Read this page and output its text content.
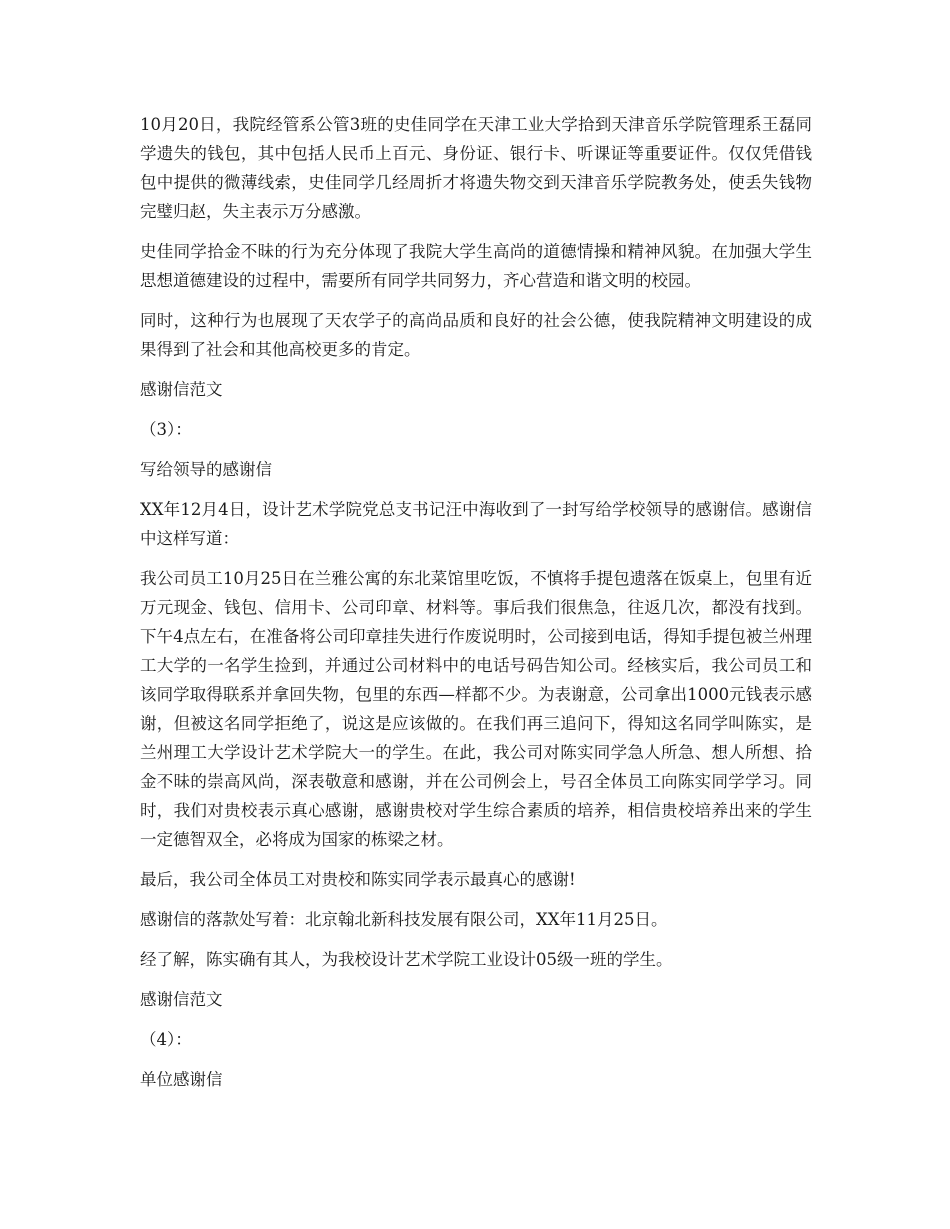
10月20日，我院经管系公管3班的史佳同学在天津工业大学拾到天津音乐学院管理系王磊同学遗失的钱包，其中包括人民币上百元、身份证、银行卡、听课证等重要证件。仅仅凭借钱包中提供的微薄线索，史佳同学几经周折才将遗失物交到天津音乐学院教务处，使丢失钱物完璧归赵，失主表示万分感激。

史佳同学拾金不昧的行为充分体现了我院大学生高尚的道德情操和精神风貌。在加强大学生思想道德建设的过程中，需要所有同学共同努力，齐心营造和谐文明的校园。

同时，这种行为也展现了天农学子的高尚品质和良好的社会公德，使我院精神文明建设的成果得到了社会和其他高校更多的肯定。

感谢信范文

（3）：

写给领导的感谢信

XX年12月4日，设计艺术学院党总支书记汪中海收到了一封写给学校领导的感谢信。感谢信中这样写道：

我公司员工10月25日在兰雅公寓的东北菜馆里吃饭，不慎将手提包遗落在饭桌上，包里有近万元现金、钱包、信用卡、公司印章、材料等。事后我们很焦急，往返几次，都没有找到。下午4点左右，在准备将公司印章挂失进行作废说明时，公司接到电话，得知手提包被兰州理工大学的一名学生捡到，并通过公司材料中的电话号码告知公司。经核实后，我公司员工和该同学取得联系并拿回失物，包里的东西—样都不少。为表谢意，公司拿出1000元钱表示感谢，但被这名同学拒绝了，说这是应该做的。在我们再三追问下，得知这名同学叫陈实，是兰州理工大学设计艺术学院大一的学生。在此，我公司对陈实同学急人所急、想人所想、拾金不昧的崇高风尚，深表敬意和感谢，并在公司例会上，号召全体员工向陈实同学学习。同时，我们对贵校表示真心感谢，感谢贵校对学生综合素质的培养，相信贵校培养出来的学生一定德智双全，必将成为国家的栋梁之材。

最后，我公司全体员工对贵校和陈实同学表示最真心的感谢!

感谢信的落款处写着：北京翰北新科技发展有限公司，XX年11月25日。

经了解，陈实确有其人，为我校设计艺术学院工业设计05级一班的学生。

感谢信范文

（4）：

单位感谢信
